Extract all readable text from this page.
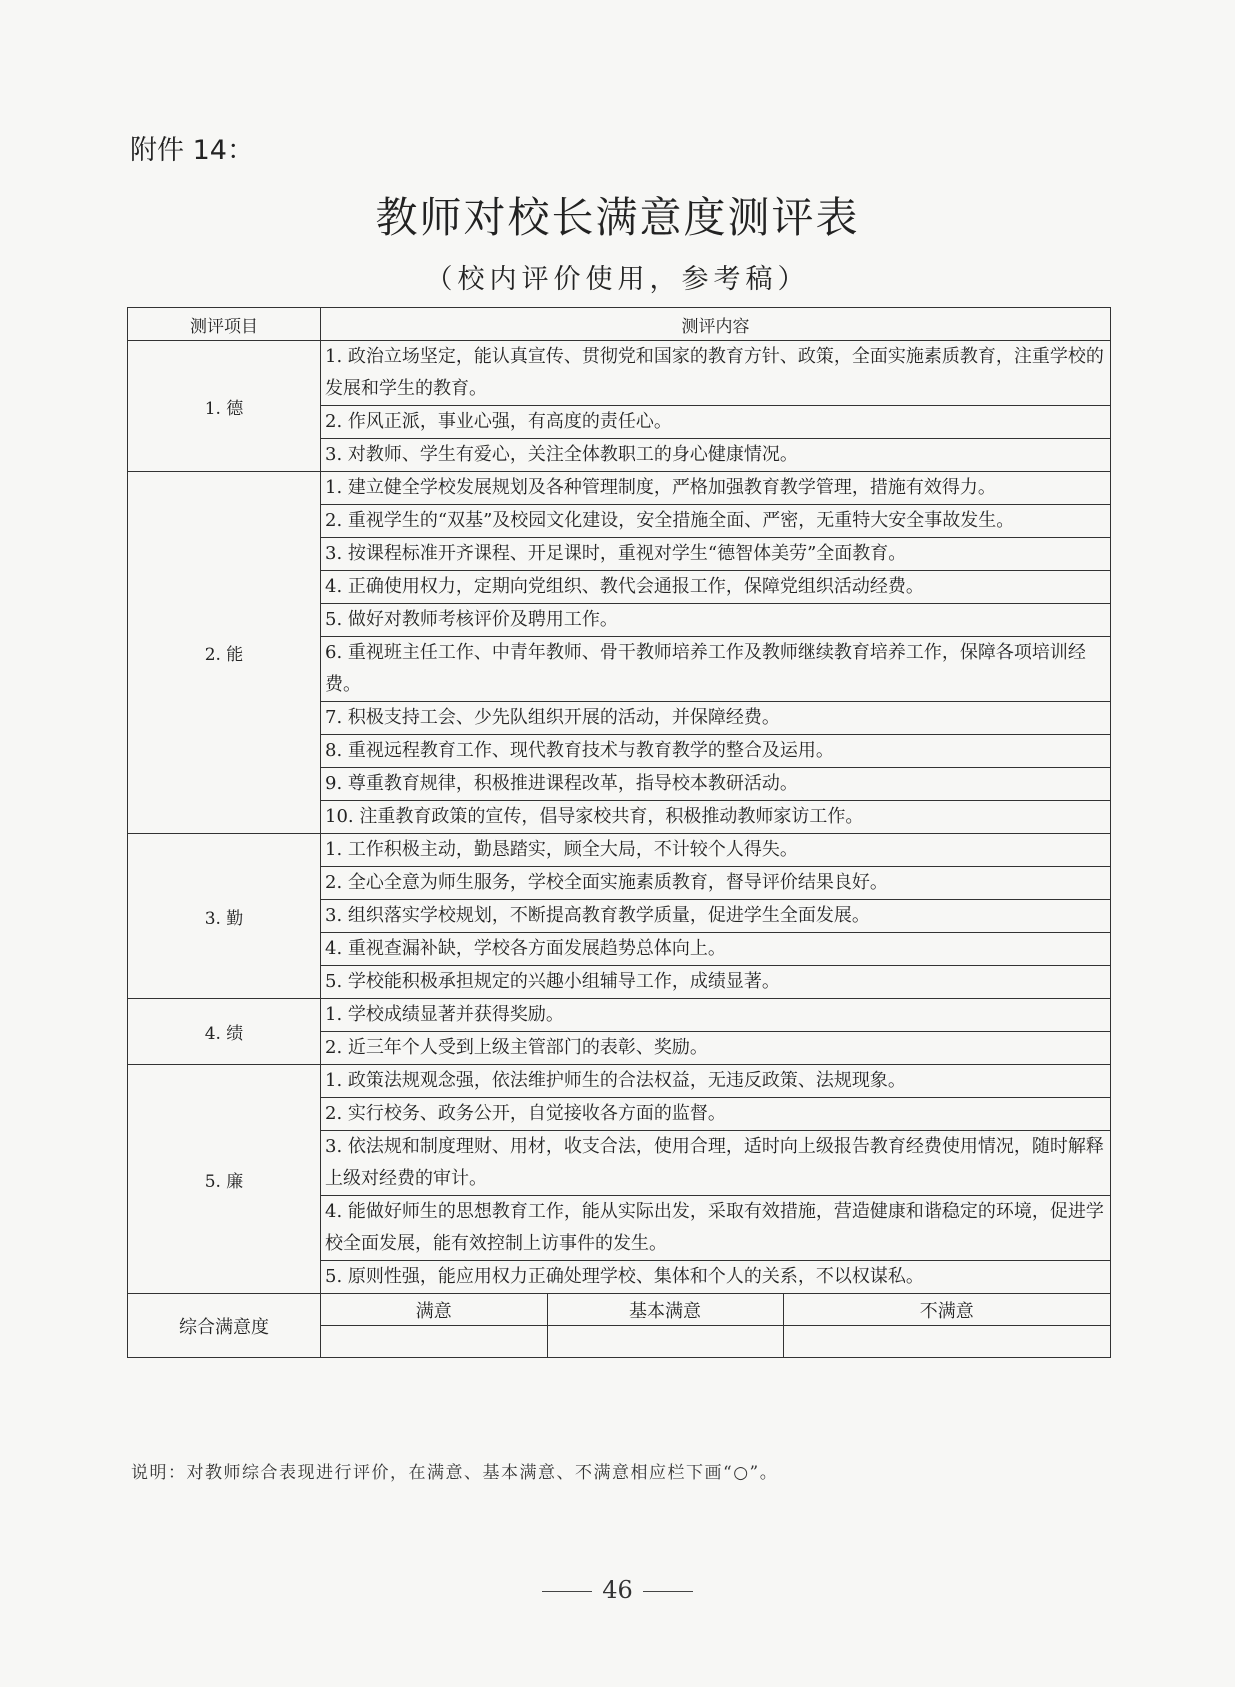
附件 14：
教师对校长满意度测评表
（校内评价使用，参考稿）
测评项目	测评内容
1. 德	1. 政治立场坚定，能认真宣传、贯彻党和国家的教育方针、政策，全面实施素质教育，注重学校的发展和学生的教育。
2. 作风正派，事业心强，有高度的责任心。
3. 对教师、学生有爱心，关注全体教职工的身心健康情况。
2. 能	1. 建立健全学校发展规划及各种管理制度，严格加强教育教学管理，措施有效得力。
2. 重视学生的“双基”及校园文化建设，安全措施全面、严密，无重特大安全事故发生。
3. 按课程标准开齐课程、开足课时，重视对学生“德智体美劳”全面教育。
4. 正确使用权力，定期向党组织、教代会通报工作，保障党组织活动经费。
5. 做好对教师考核评价及聘用工作。
6. 重视班主任工作、中青年教师、骨干教师培养工作及教师继续教育培养工作，保障各项培训经费。
7. 积极支持工会、少先队组织开展的活动，并保障经费。
8. 重视远程教育工作、现代教育技术与教育教学的整合及运用。
9. 尊重教育规律，积极推进课程改革，指导校本教研活动。
10. 注重教育政策的宣传，倡导家校共育，积极推动教师家访工作。
3. 勤	1. 工作积极主动，勤恳踏实，顾全大局，不计较个人得失。
2. 全心全意为师生服务，学校全面实施素质教育，督导评价结果良好。
3. 组织落实学校规划，不断提高教育教学质量，促进学生全面发展。
4. 重视查漏补缺，学校各方面发展趋势总体向上。
5. 学校能积极承担规定的兴趣小组辅导工作，成绩显著。
4. 绩	1. 学校成绩显著并获得奖励。
2. 近三年个人受到上级主管部门的表彰、奖励。
5. 廉	1. 政策法规观念强，依法维护师生的合法权益，无违反政策、法规现象。
2. 实行校务、政务公开，自觉接收各方面的监督。
3. 依法规和制度理财、用材，收支合法，使用合理，适时向上级报告教育经费使用情况，随时解释上级对经费的审计。
4. 能做好师生的思想教育工作，能从实际出发，采取有效措施，营造健康和谐稳定的环境，促进学校全面发展，能有效控制上访事件的发生。
5. 原则性强，能应用权力正确处理学校、集体和个人的关系，不以权谋私。
综合满意度	
满意	基本满意	不满意

说明：对教师综合表现进行评价，在满意、基本满意、不满意相应栏下画“○”。
46
